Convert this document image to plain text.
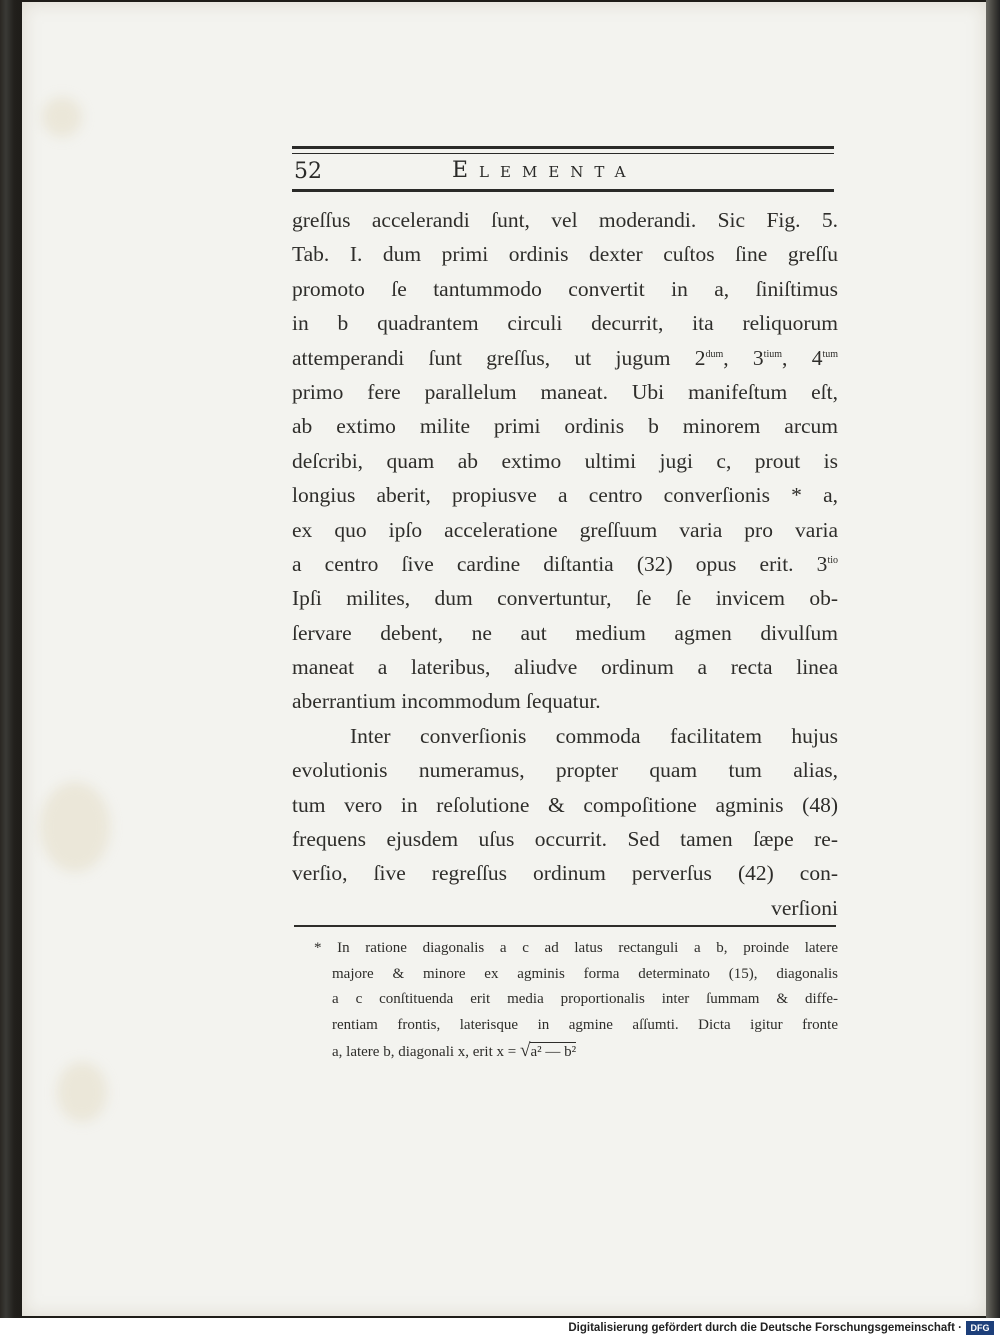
52	Elementa
greſſus accelerandi ſunt, vel moderandi. Sic Fig. 5.
Tab. I. dum primi ordinis dexter cuſtos ſine greſſu
promoto ſe tantummodo convertit in a, ſiniſtimus
in b quadrantem circuli decurrit, ita reliquorum
attemperandi ſunt greſſus, ut jugum $2^{dum}$, $3^{tium}$, $4^{tum}$
primo fere parallelum maneat. Ubi manifeſtum eſt,
ab extimo milite primi ordinis b minorem arcum
deſcribi, quam ab extimo ultimi jugi c, prout is
longius aberit, propiusve a centro converſionis * a,
ex quo ipſo acceleratione greſſuum varia pro varia
a centro ſive cardine diſtantia (32) opus erit. $3^{tio}$
Ipſi milites, dum convertuntur, ſe ſe invicem ob-
ſervare debent, ne aut medium agmen divulſum
maneat a lateribus, aliudve ordinum a recta linea
aberrantium incommodum ſequatur.
Inter converſionis commoda facilitatem hujus
evolutionis numeramus, propter quam tum alias,
tum vero in reſolutione & compoſitione agminis (48)
frequens ejusdem uſus occurrit. Sed tamen ſæpe re-
verſio, ſive regreſſus ordinum perverſus (42) con-
verſioni
* In ratione diagonalis a c ad latus rectanguli a b, proinde latere
majore & minore ex agminis forma determinato (15), diagonalis
a c conſtituenda erit media proportionalis inter ſummam & diffe-
rentiam frontis, laterisque in agmine aſſumti. Dicta igitur fronte
a, latere b, diagonali x, erit x = √a² — b²
Digitalisierung gefördert durch die Deutsche Forschungsgemeinschaft · DFG
